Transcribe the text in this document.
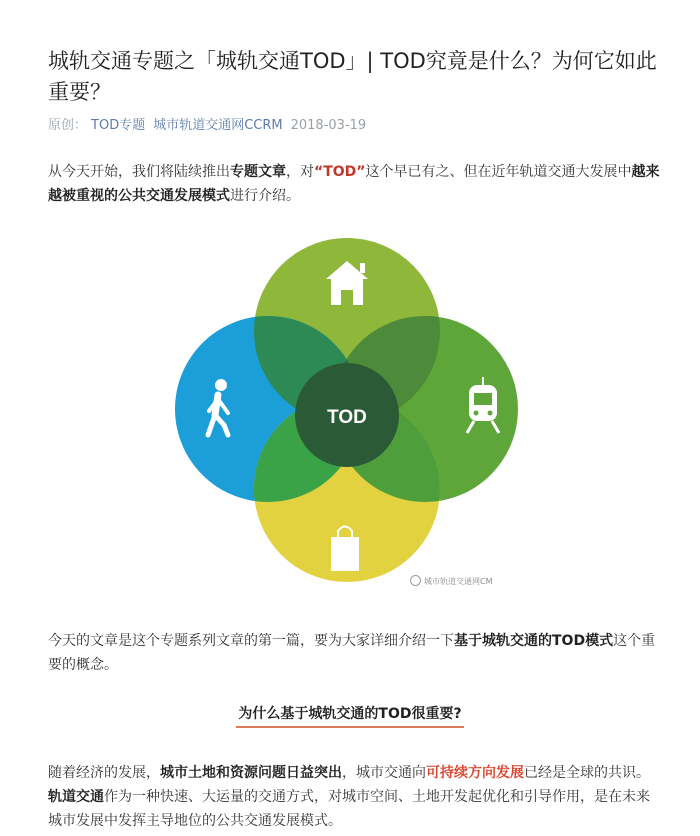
城轨交通专题之「城轨交通TOD」| TOD究竟是什么？为何它如此重要？
原创： TOD专题 城市轨道交通网CCRM 2018-03-19

从今天开始，我们将陆续推出专题文章，对“TOD”这个早已有之、但在近年轨道交通大发展中越来越被重视的公共交通发展模式进行介绍。

TOD
城市轨道交通网CM

今天的文章是这个专题系列文章的第一篇，要为大家详细介绍一下基于城轨交通的TOD模式这个重要的概念。

为什么基于城轨交通的TOD很重要?

随着经济的发展，城市土地和资源问题日益突出，城市交通向可持续方向发展已经是全球的共识。轨道交通作为一种快速、大运量的交通方式，对城市空间、土地开发起优化和引导作用，是在未来城市发展中发挥主导地位的公共交通发展模式。
